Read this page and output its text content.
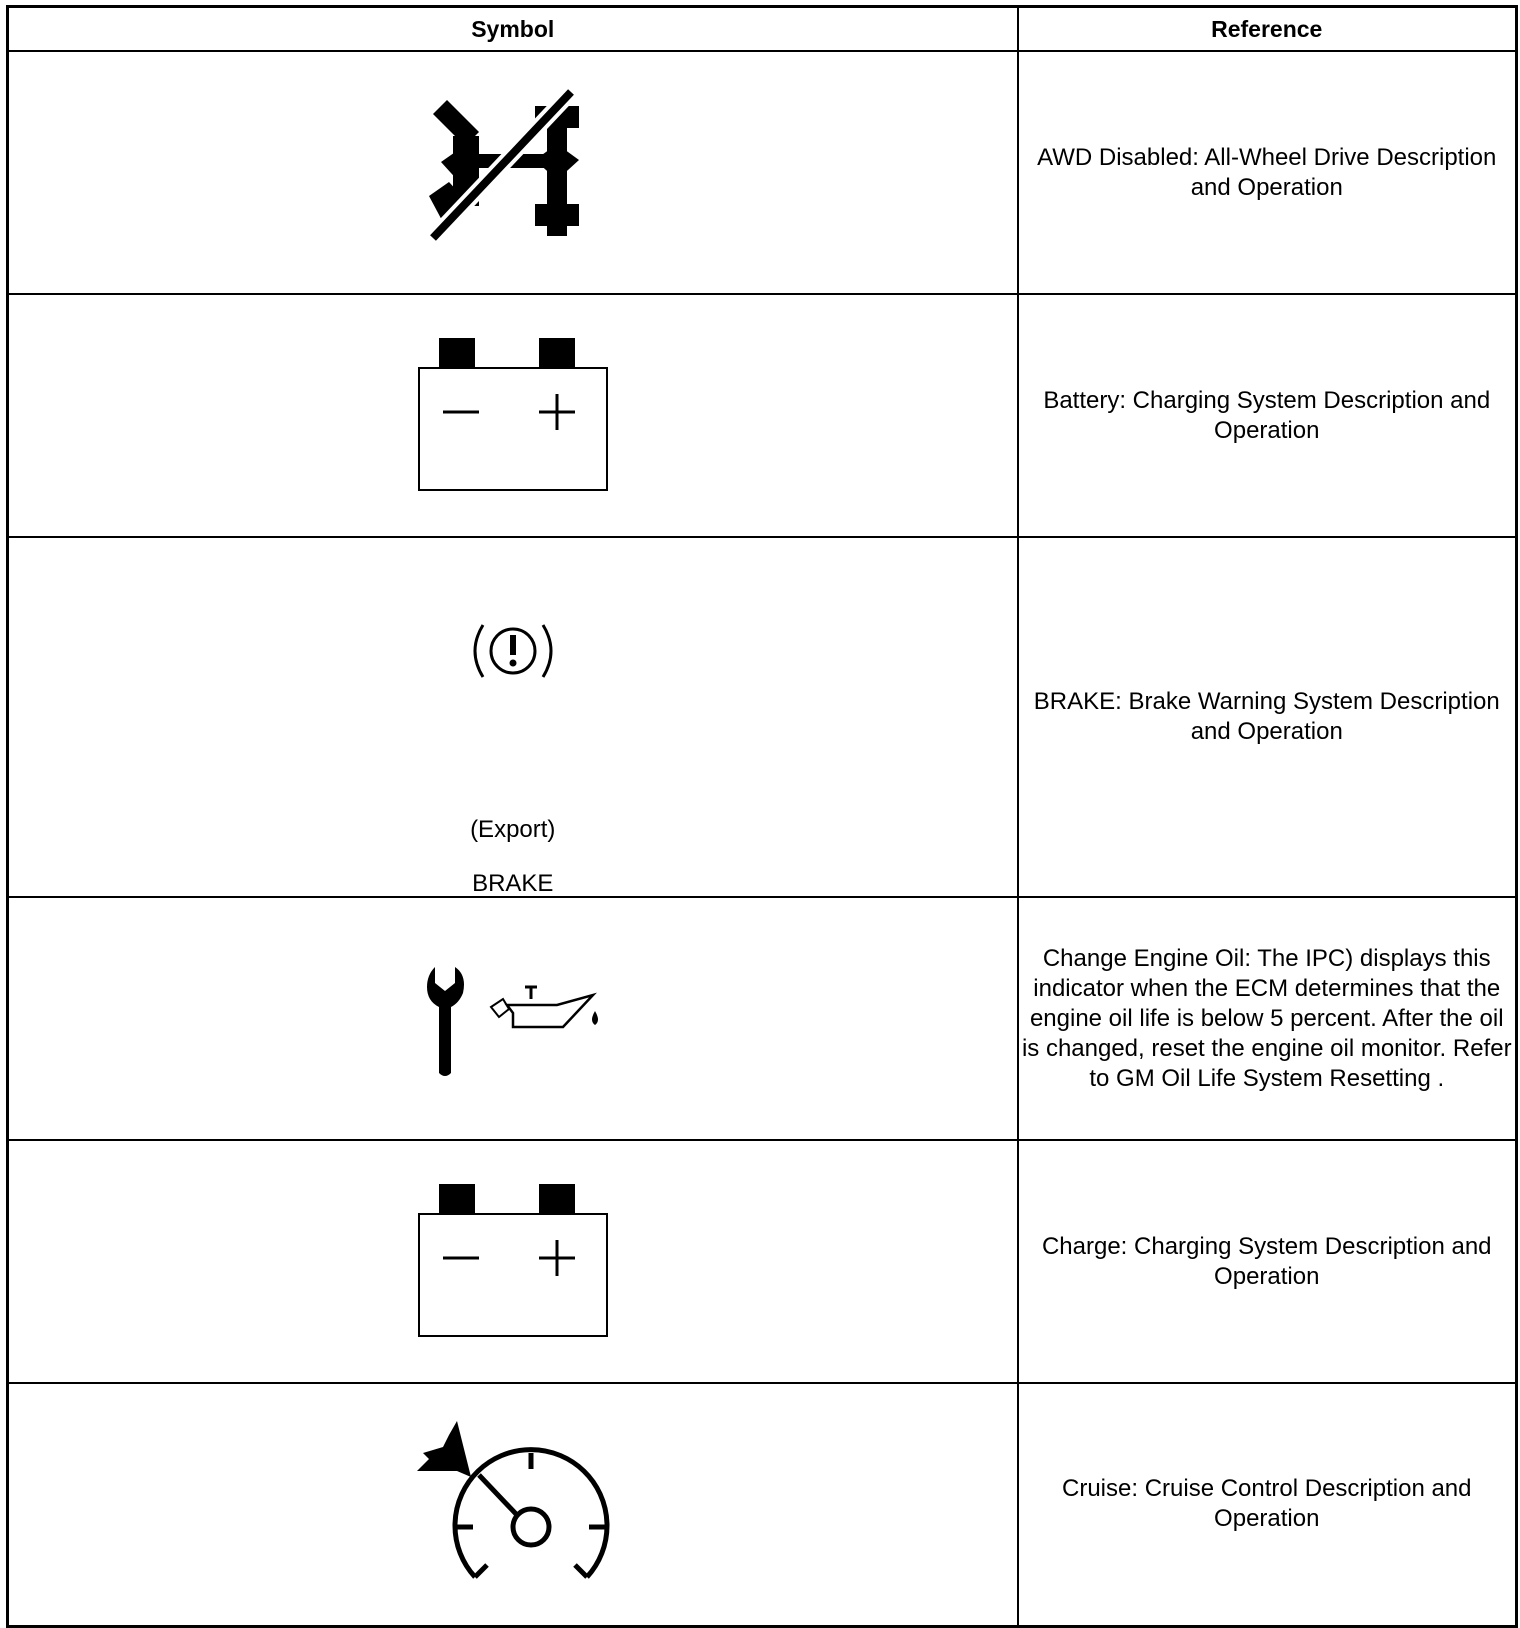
Symbol	Reference

	AWD Disabled: All-Wheel Drive Description and Operation

	Battery: Charging System Description and Operation

(Export)
BRAKE	BRAKE: Brake Warning System Description and Operation

	Change Engine Oil: The IPC) displays this indicator when the ECM determines that the engine oil life is below 5 percent. After the oil is changed, reset the engine oil monitor. Refer to GM Oil Life System Resetting .

	Charge: Charging System Description and Operation

	Cruise: Cruise Control Description and Operation
